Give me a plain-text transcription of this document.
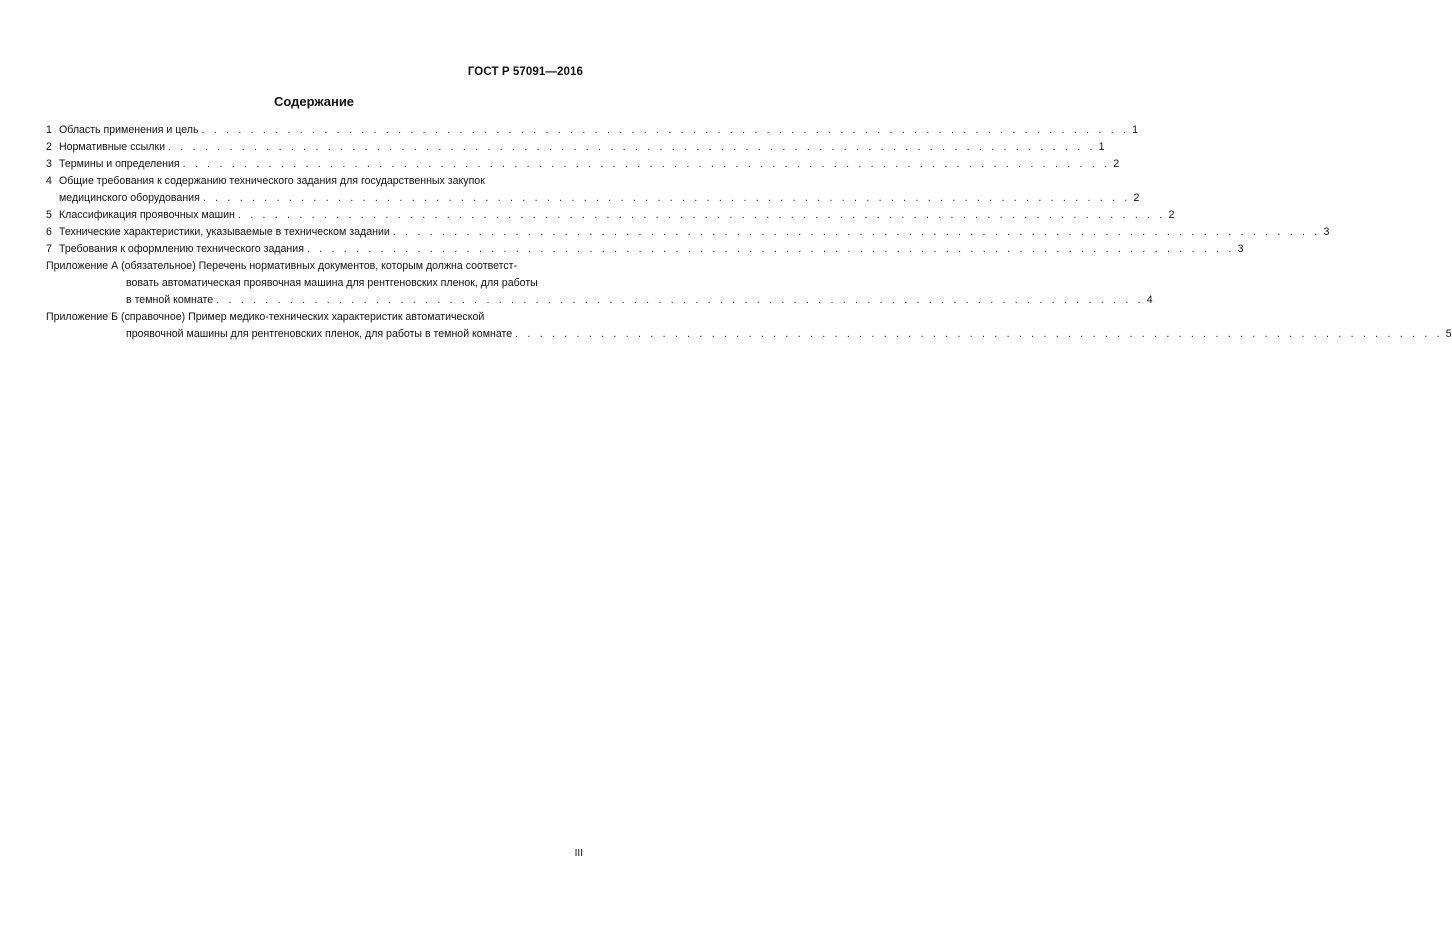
ГОСТ Р 57091—2016
Содержание
1 Область применения и цель . . . . . . . . . . . . . . . . . . . . . . . . . . . . . . . . . . . . . . . . . . . . . . . . . . . . . . . . . . . . . . . . . . . . . . . . . . . . 1
2 Нормативные ссылки . . . . . . . . . . . . . . . . . . . . . . . . . . . . . . . . . . . . . . . . . . . . . . . . . . . . . . . . . . . . . . . . . . . . . . . . . . . . 1
3 Термины и определения . . . . . . . . . . . . . . . . . . . . . . . . . . . . . . . . . . . . . . . . . . . . . . . . . . . . . . . . . . . . . . . . . . . . . . . . . . . . 2
4 Общие требования к содержанию технического задания для государственных закупок
медицинского оборудования . . . . . . . . . . . . . . . . . . . . . . . . . . . . . . . . . . . . . . . . . . . . . . . . . . . . . . . . . . . . . . . . . . . . . . . . . . . . 2
5 Классификация проявочных машин . . . . . . . . . . . . . . . . . . . . . . . . . . . . . . . . . . . . . . . . . . . . . . . . . . . . . . . . . . . . . . . . . . . . . . . . . . . . 2
6 Технические характеристики, указываемые в техническом задании . . . . . . . . . . . . . . . . . . . . . . . . . . . . . . . . . . . . . . . . . . . . . . . . . . . . . . . . . . . . . . . . . . . . . . . . . . . . 3
7 Требования к оформлению технического задания . . . . . . . . . . . . . . . . . . . . . . . . . . . . . . . . . . . . . . . . . . . . . . . . . . . . . . . . . . . . . . . . . . . . . . . . . . . . 3
Приложение А (обязательное) Перечень нормативных документов, которым должна соответст-
вовать автоматическая проявочная машина для рентгеновских пленок, для работы
в темной комнате . . . . . . . . . . . . . . . . . . . . . . . . . . . . . . . . . . . . . . . . . . . . . . . . . . . . . . . . . . . . . . . . . . . . . . . . . . . . 4
Приложение Б (справочное) Пример медико-технических характеристик автоматической
проявочной машины для рентгеновских пленок, для работы в темной комнате . . . . . . . . . . . . . . . . . . . . . . . . . . . . . . . . . . . . . . . . . . . . . . . . . . . . . . . . . . . . . . . . . . . . . . . . . . . . 5
III
